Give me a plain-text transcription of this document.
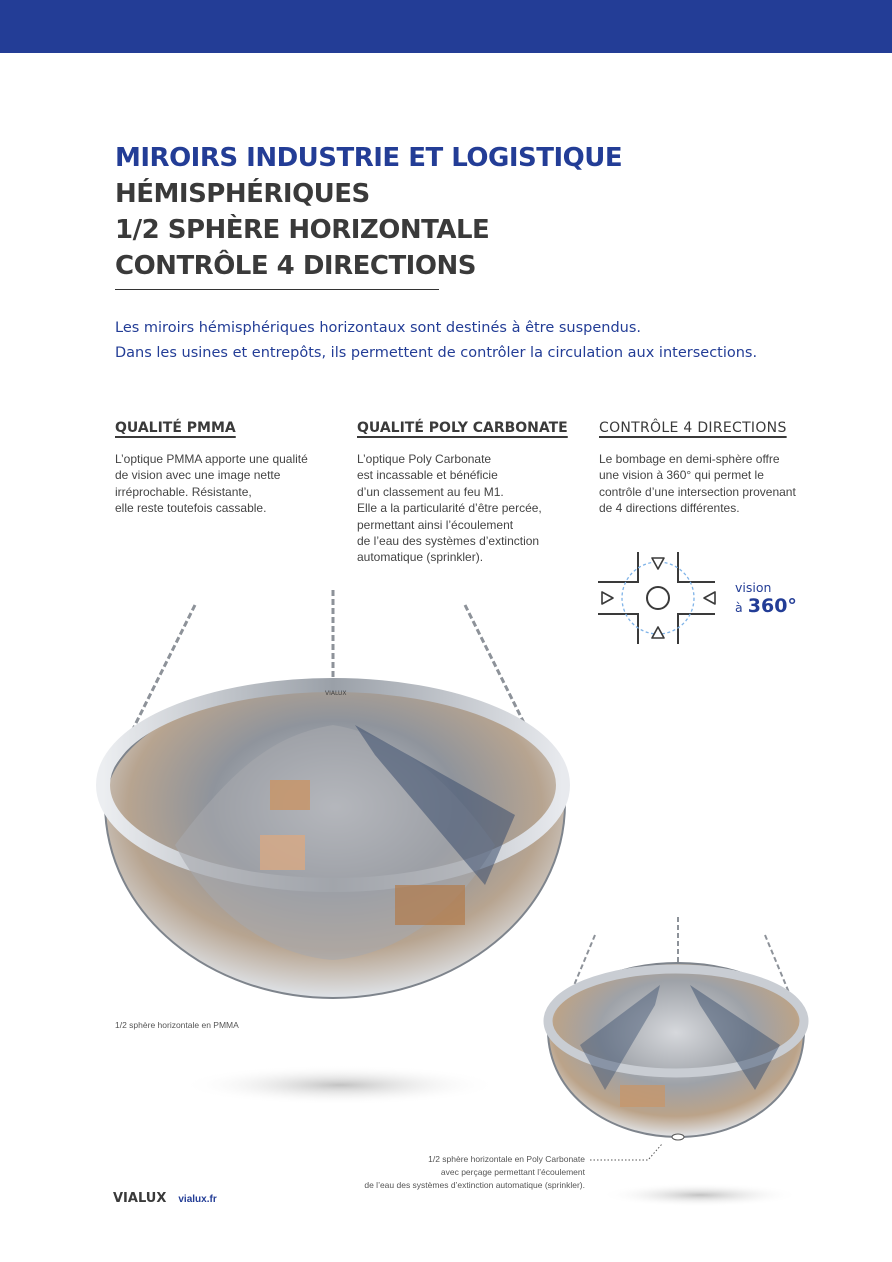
MIROIRS INDUSTRIE ET LOGISTIQUE
HÉMISPHÉRIQUES
1/2 SPHÈRE HORIZONTALE
CONTRÔLE 4 DIRECTIONS
Les miroirs hémisphériques horizontaux sont destinés à être suspendus.
Dans les usines et entrepôts, ils permettent de contrôler la circulation aux intersections.
QUALITÉ PMMA

L’optique PMMA apporte une qualité
de vision avec une image nette
irréprochable. Résistante,
elle reste toutefois cassable.

QUALITÉ POLY CARBONATE

L’optique Poly Carbonate
est incassable et bénéficie
d’un classement au feu M1.
Elle a la particularité d’être percée,
permettant ainsi l’écoulement
de l’eau des systèmes d’extinction
automatique (sprinkler).

CONTRÔLE 4 DIRECTIONS

Le bombage en demi-sphère offre
une vision à 360° qui permet le
contrôle d’une intersection provenant
de 4 directions différentes.

vision
à 360°
VIALUX
1/2 sphère horizontale en PMMA
1/2 sphère horizontale en Poly Carbonate
avec perçage permettant l’écoulement
de l’eau des systèmes d’extinction automatique (sprinkler).
VIALUX vialux.fr
